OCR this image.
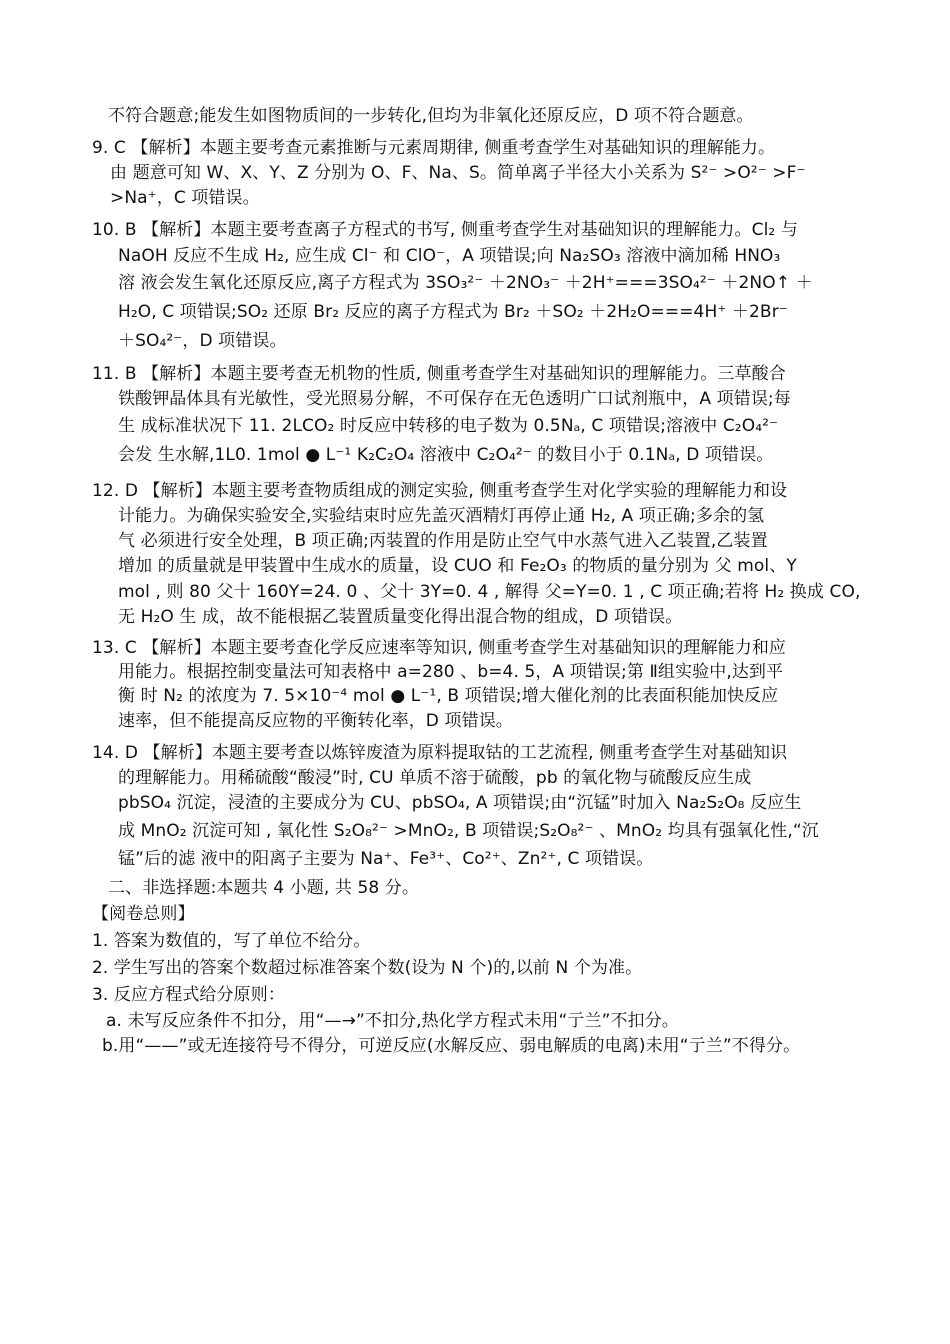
不符合题意;能发生如图物质间的一步转化,但均为非氧化还原反应，D 项不符合题意。
9. C 【解析】本题主要考查元素推断与元素周期律, 侧重考查学生对基础知识的理解能力。
由 题意可知 W、X、Y、Z 分别为 O、F、Na、S。简单离子半径大小关系为 S²⁻ >O²⁻ >F⁻
>Na⁺，C 项错误。
10. B 【解析】本题主要考查离子方程式的书写, 侧重考查学生对基础知识的理解能力。Cl₂ 与
NaOH 反应不生成 H₂, 应生成 Cl⁻ 和 ClO⁻，A 项错误;向 Na₂SO₃ 溶液中滴加稀 HNO₃
溶 液会发生氧化还原反应,离子方程式为 3SO₃²⁻ ＋2NO₃⁻ ＋2H⁺===3SO₄²⁻ ＋2NO↑ ＋
H₂O, C 项错误;SO₂ 还原 Br₂ 反应的离子方程式为 Br₂ ＋SO₂ ＋2H₂O===4H⁺ ＋2Br⁻
＋SO₄²⁻，D 项错误。
11. B 【解析】本题主要考查无机物的性质, 侧重考查学生对基础知识的理解能力。三草酸合
铁酸钾晶体具有光敏性，受光照易分解，不可保存在无色透明广口试剂瓶中，A 项错误;每
生 成标准状况下 11. 2LCO₂ 时反应中转移的电子数为 0.5Nₐ, C 项错误;溶液中 C₂O₄²⁻
会发 生水解,1L0. 1mol ● L⁻¹ K₂C₂O₄ 溶液中 C₂O₄²⁻ 的数目小于 0.1Nₐ, D 项错误。
12. D 【解析】本题主要考查物质组成的测定实验, 侧重考查学生对化学实验的理解能力和设
计能力。为确保实验安全,实验结束时应先盖灭酒精灯再停止通 H₂, A 项正确;多余的氢
气 必须进行安全处理，B 项正确;丙装置的作用是防止空气中水蒸气进入乙装置,乙装置
增加 的质量就是甲装置中生成水的质量，设 CUO 和 Fe₂O₃ 的物质的量分别为 父 mol、Y
mol , 则 80 父十 160Y=24. 0 、父十 3Y=0. 4 , 解得 父=Y=0. 1 , C 项正确;若将 H₂ 换成 CO,
无 H₂O 生 成，故不能根据乙装置质量变化得出混合物的组成，D 项错误。
13. C 【解析】本题主要考查化学反应速率等知识, 侧重考查学生对基础知识的理解能力和应
用能力。根据控制变量法可知表格中 a=280 、b=4. 5，A 项错误;第 Ⅱ组实验中,达到平
衡 时 N₂ 的浓度为 7. 5×10⁻⁴ mol ● L⁻¹, B 项错误;增大催化剂的比表面积能加快反应
速率，但不能提高反应物的平衡转化率，D 项错误。
14. D 【解析】本题主要考查以炼锌废渣为原料提取钴的工艺流程, 侧重考查学生对基础知识
的理解能力。用稀硫酸“酸浸”时, CU 单质不溶于硫酸，pb 的氧化物与硫酸反应生成
pbSO₄ 沉淀，浸渣的主要成分为 CU、pbSO₄, A 项错误;由“沉锰”时加入 Na₂S₂O₈ 反应生
成 MnO₂ 沉淀可知 , 氧化性 S₂O₈²⁻ >MnO₂, B 项错误;S₂O₈²⁻ 、MnO₂ 均具有强氧化性,“沉
锰”后的滤 液中的阳离子主要为 Na⁺、Fe³⁺、Co²⁺、Zn²⁺, C 项错误。
二、非选择题:本题共 4 小题, 共 58 分。
【阅卷总则】
1. 答案为数值的，写了单位不给分。
2. 学生写出的答案个数超过标准答案个数(设为 N 个)的,以前 N 个为准。
3. 反应方程式给分原则：
a. 未写反应条件不扣分，用“—→”不扣分,热化学方程式未用“亍兰”不扣分。
b.用“——”或无连接符号不得分，可逆反应(水解反应、弱电解质的电离)未用“亍兰”不得分。
